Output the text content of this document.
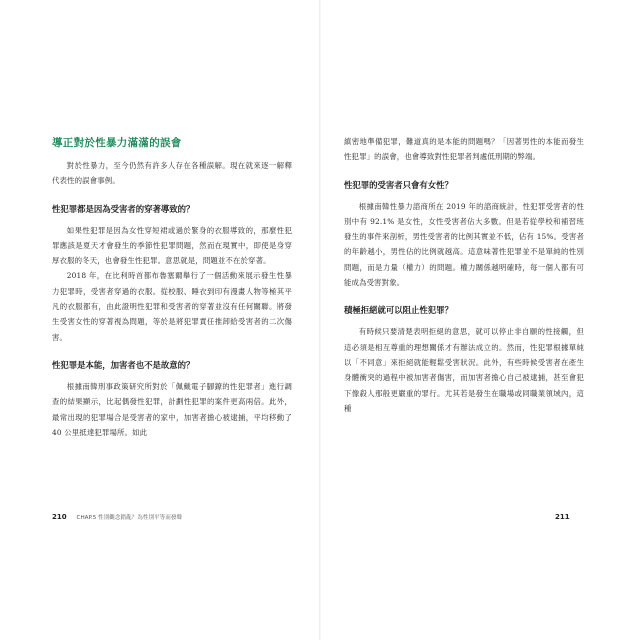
導正對於性暴力滿滿的誤會

對於性暴力，至今仍然有許多人存在各種誤解。現在就來逐一解釋代表性的誤會事例。

性犯罪都是因為受害者的穿著導致的？

如果性犯罪是因為女性穿短裙或過於緊身的衣服導致的，那麼性犯罪應該是夏天才會發生的季節性犯罪問題，然而在現實中，即使是身穿厚衣服的冬天，也會發生性犯罪。意思就是，問題並不在於穿著。

2018 年，在比利時首都布魯塞爾舉行了一個活動來展示發生性暴力犯罪時，受害者穿過的衣服。從校服、睡衣到印有漫畫人物等極其平凡的衣服都有，由此證明性犯罪和受害者的穿著並沒有任何關聯。將發生受害女性的穿著視為問題，等於是將犯罪責任推卸給受害者的二次傷害。

性犯罪是本能，加害者也不是故意的？

根據南韓刑事政策研究所對於「佩戴電子腳鐐的性犯罪者」進行調查的結果顯示，比起偶發性犯罪，計劃性犯罪的案件更高兩倍。此外，最常出現的犯罪場合是受害者的家中，加害者擔心被逮捕，平均移動了 40 公里抵達犯罪場所。如此

210 CHAP.5 性別觀念錯亂？為性別平等而發聲

縝密地準備犯罪，難道真的是本能的問題嗎？「因著男性的本能而發生性犯罪」的誤會，也會導致對性犯罪者判處低刑期的弊端。

性犯罪的受害者只會有女性？

根據南韓性暴力諮商所在 2019 年的諮商統計，性犯罪受害者的性別中有 92.1% 是女性，女性受害者佔大多數。但是若從學校和補習班發生的事件來剖析，男性受害者的比例其實並不低，佔有 15%。受害者的年齡越小，男性佔的比例就越高。這意味著性犯罪並不是單純的性別問題，而是力量（權力）的問題。權力關係越明確時，每一個人都有可能成為受害對象。

積極拒絕就可以阻止性犯罪？

有時候只要清楚表明拒絕的意思，就可以停止非自願的性接觸，但這必須是相互尊重的理想關係才有辦法成立的。然而，性犯罪根據單純以「不同意」來拒絕就能輕鬆受害狀況。此外，有些時候受害者在產生身體衝突的過程中被加害者傷害，而加害者擔心自己被逮捕，甚至會犯下像殺人那般更嚴重的罪行。尤其若是發生在職場或同職業領域內，這種

211
